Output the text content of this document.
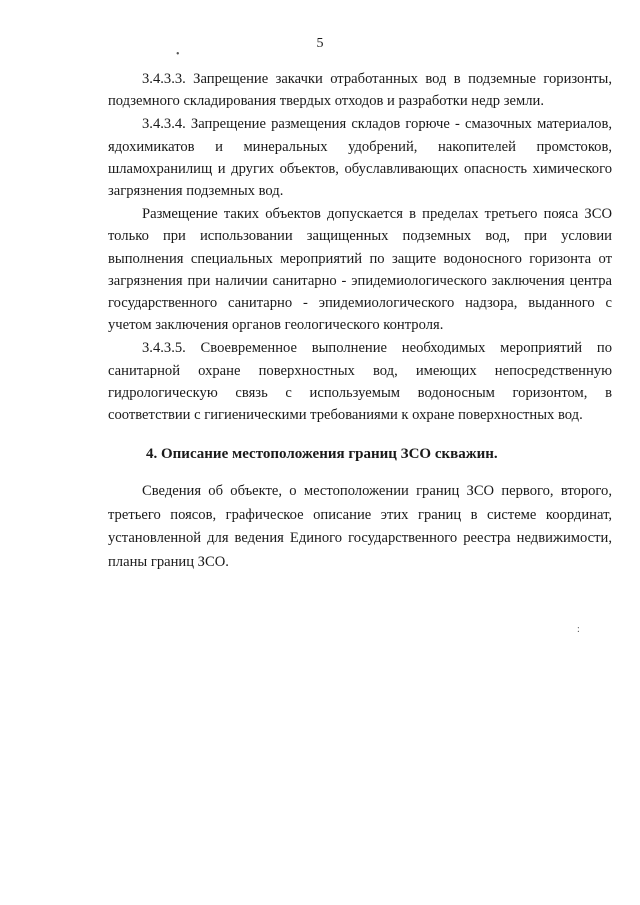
5
•
:

3.4.3.3. Запрещение закачки отработанных вод в подземные горизонты, подземного складирования твердых отходов и разработки недр земли.

3.4.3.4. Запрещение размещения складов горюче - смазочных материалов, ядохимикатов и минеральных удобрений, накопителей промстоков, шламохранилищ и других объектов, обуславливающих опасность химического загрязнения подземных вод.

Размещение таких объектов допускается в пределах третьего пояса ЗСО только при использовании защищенных подземных вод, при условии выполнения специальных мероприятий по защите водоносного горизонта от загрязнения при наличии санитарно - эпидемиологического заключения центра государственного санитарно - эпидемиологического надзора, выданного с учетом заключения органов геологического контроля.

3.4.3.5. Своевременное выполнение необходимых мероприятий по санитарной охране поверхностных вод, имеющих непосредственную гидрологическую связь с используемым водоносным горизонтом, в соответствии с гигиеническими требованиями к охране поверхностных вод.

4. Описание местоположения границ ЗСО скважин.

Сведения об объекте, о местоположении границ ЗСО первого, второго, третьего поясов, графическое описание этих границ в системе координат, установленной для ведения Единого государственного реестра недвижимости, планы границ ЗСО.
